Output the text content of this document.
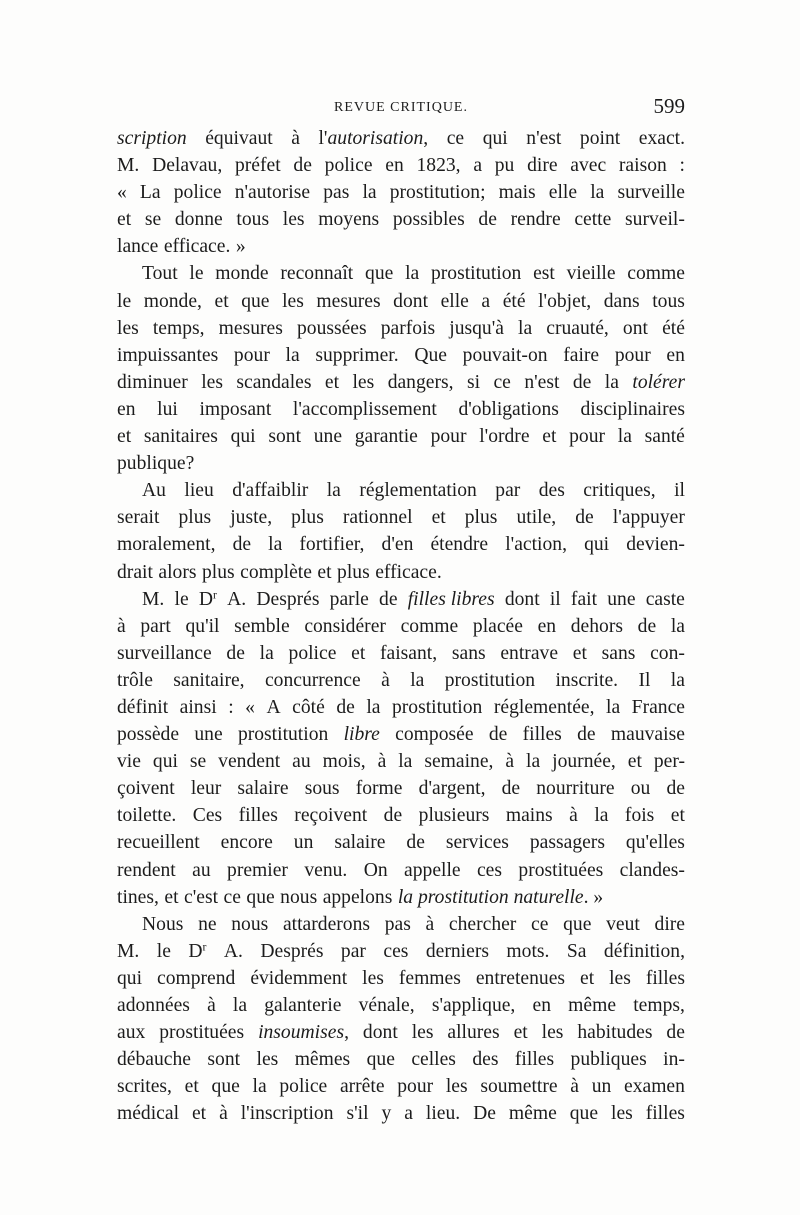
REVUE CRITIQUE.	599
scription équivaut à l'autorisation, ce qui n'est point exact.
M. Delavau, préfet de police en 1823, a pu dire avec raison :
« La police n'autorise pas la prostitution; mais elle la surveille
et se donne tous les moyens possibles de rendre cette surveil-
lance efficace. »
Tout le monde reconnaît que la prostitution est vieille comme
le monde, et que les mesures dont elle a été l'objet, dans tous
les temps, mesures poussées parfois jusqu'à la cruauté, ont été
impuissantes pour la supprimer. Que pouvait-on faire pour en
diminuer les scandales et les dangers, si ce n'est de la tolérer
en lui imposant l'accomplissement d'obligations disciplinaires
et sanitaires qui sont une garantie pour l'ordre et pour la santé
publique?
Au lieu d'affaiblir la réglementation par des critiques, il
serait plus juste, plus rationnel et plus utile, de l'appuyer
moralement, de la fortifier, d'en étendre l'action, qui devien-
drait alors plus complète et plus efficace.
M. le $D^r$ A. Després parle de filles libres dont il fait une caste
à part qu'il semble considérer comme placée en dehors de la
surveillance de la police et faisant, sans entrave et sans con-
trôle sanitaire, concurrence à la prostitution inscrite. Il la
définit ainsi : « A côté de la prostitution réglementée, la France
possède une prostitution libre composée de filles de mauvaise
vie qui se vendent au mois, à la semaine, à la journée, et per-
çoivent leur salaire sous forme d'argent, de nourriture ou de
toilette. Ces filles reçoivent de plusieurs mains à la fois et
recueillent encore un salaire de services passagers qu'elles
rendent au premier venu. On appelle ces prostituées clandes-
tines, et c'est ce que nous appelons la prostitution naturelle. »
Nous ne nous attarderons pas à chercher ce que veut dire
M. le $D^r$ A. Després par ces derniers mots. Sa définition,
qui comprend évidemment les femmes entretenues et les filles
adonnées à la galanterie vénale, s'applique, en même temps,
aux prostituées insoumises, dont les allures et les habitudes de
débauche sont les mêmes que celles des filles publiques in-
scrites, et que la police arrête pour les soumettre à un examen
médical et à l'inscription s'il y a lieu. De même que les filles
